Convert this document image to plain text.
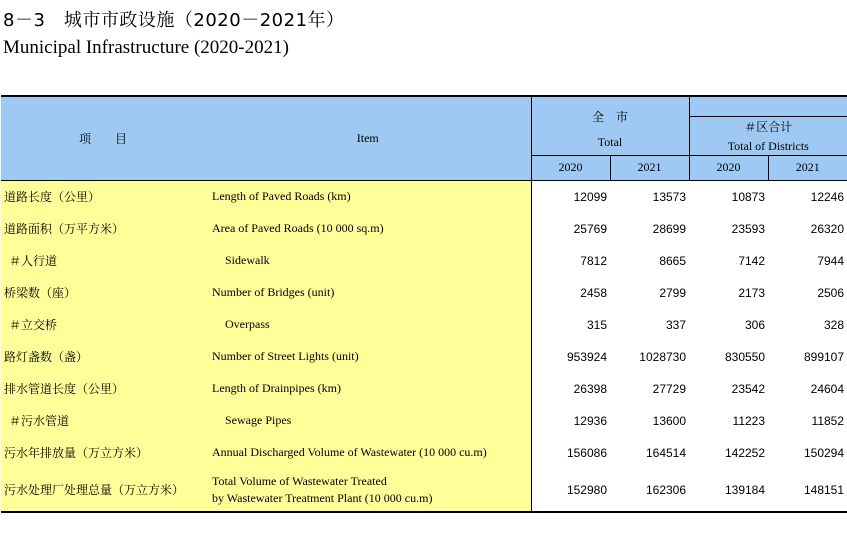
8－3　城市市政设施（2020－2021年）
Municipal Infrastructure (2020-2021)
项　　目	Item	全　市
Total			

				＃区合计
Total of Districts	

		2020	2021	2020	2021
道路长度（公里）	Length of Paved Roads (km)	12099	13573	10873	12246
道路面积（万平方米）	Area of Paved Roads (10 000 sq.m)	25769	28699	23593	26320
＃人行道	Sidewalk	7812	8665	7142	7944
桥梁数（座）	Number of Bridges (unit)	2458	2799	2173	2506
＃立交桥	Overpass	315	337	306	328
路灯盏数（盏）	Number of Street Lights (unit)	953924	1028730	830550	899107
排水管道长度（公里）	Length of Drainpipes (km)	26398	27729	23542	24604
＃污水管道	Sewage Pipes	12936	13600	11223	11852
污水年排放量（万立方米）	Annual Discharged Volume of Wastewater (10 000 cu.m)	156086	164514	142252	150294
污水处理厂处理总量（万立方米）	Total Volume of Wastewater Treated
by Wastewater Treatment Plant (10 000 cu.m)	152980	162306	139184	148151
